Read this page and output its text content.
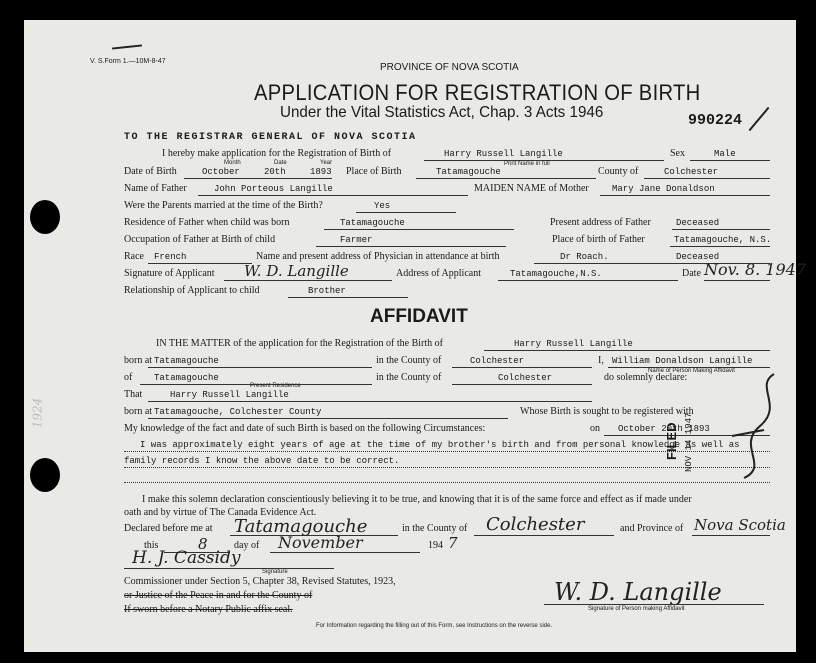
V. S.Form 1.—10M-8-47
PROVINCE OF NOVA SCOTIA
APPLICATION FOR REGISTRATION OF BIRTH
Under the Vital Statistics Act, Chap. 3 Acts 1946	990224
TO THE REGISTRAR GENERAL OF NOVA SCOTIA
I hereby make application for the Registration of Birth of	Harry Russell Langille
Print Name in full
Sex	Male
Date of Birth
Month	Date	Year
October	20th	1893 Place of Birth	Tatamagouche	County of	Colchester
Name of Father	John Porteous Langille	MAIDEN NAME of Mother	Mary Jane Donaldson
Were the Parents married at the time of the Birth?	Yes
Residence of Father when child was born	Tatamagouche	Present address of Father	Deceased
Occupation of Father at Birth of child	Farmer	Place of birth of Father	Tatamagouche, N.S.
Race French	Name and present address of Physician in attendance at birth	Dr Roach.	Deceased
Signature of Applicant W. D. Langille	Address of Applicant	Tatamagouche,N.S.	Date Nov. 8. 1947
Relationship of Applicant to child	Brother
AFFIDAVIT
IN THE MATTER of the application for the Registration of the Birth of	Harry Russell Langille
born at Tatamagouche	in the County of	Colchester	I, William Donaldson Langille
Name of Person Making Affidavit
of Tatamagouche	in the County of	Colchester	do solemnly declare:
Present Residence
That	Harry Russell Langille
born at Tatamagouche, Colchester County	Whose Birth is sought to be registered with
My knowledge of the fact and date of such Birth is based on the following Circumstances:	on October 20th 1893
I was approximately eight years of age at the time of my brother's birth and from personal knowledge as well as
family records I know the above date to be correct.
I make this solemn declaration conscientiously believing it to be true, and knowing that it is of the same force and effect as if made under
oath and by virtue of The Canada Evidence Act.
Declared before me at Tatamagouche	in the County of Colchester	and Province of Nova Scotia
this	8	day of November	194 7
H. J. Cassidy
Signature
Commissioner under Section 5, Chapter 38, Revised Statutes, 1923,
or Justice of the Peace in and for the County of
If sworn before a Notary Public affix seal.
W. D. Langille
Signature of Person making Affidavit
For Information regarding the filling out of this Form, see Instructions on the reverse side.
FILED NOV 14 1947
1924
